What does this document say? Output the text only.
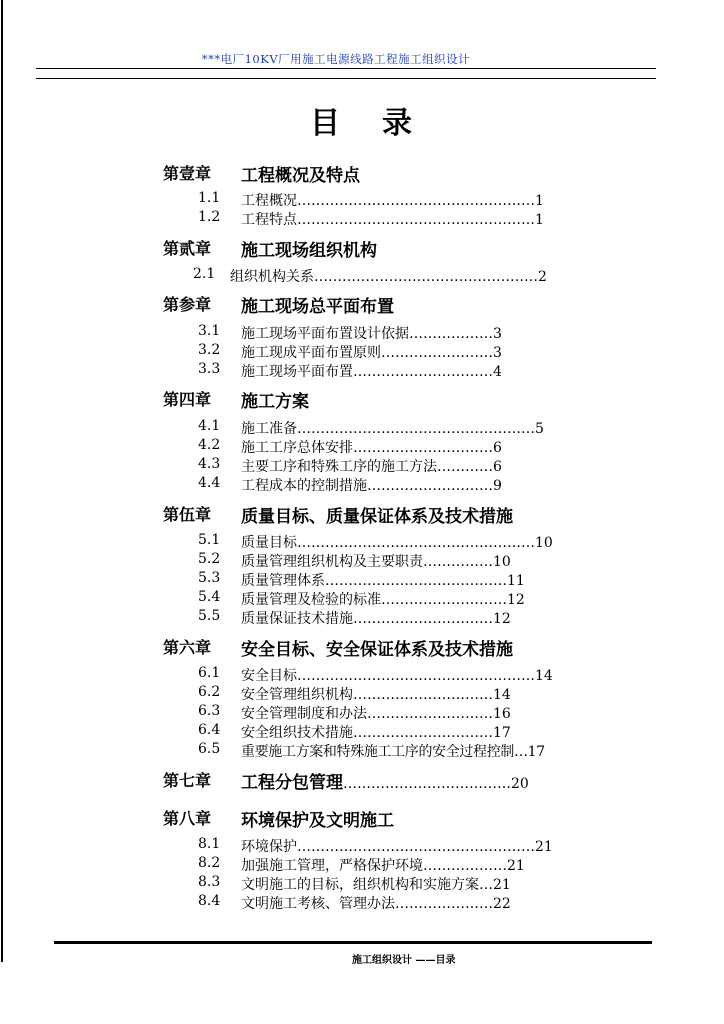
***电厂10KV厂用施工电源线路工程施工组织设计
目 录
第壹章 工程概况及特点
1.1 工程概况……………………………………………1
1.2 工程特点……………………………………………1
第贰章 施工现场组织机构
2.1 组织机构关系…………………………………………2
第参章 施工现场总平面布置
3.1 施工现场平面布置设计依据………………3
3.2 施工现成平面布置原则……………………3
3.3 施工现场平面布置…………………………4
第四章 施工方案
4.1 施工准备……………………………………………5
4.2 施工工序总体安排…………………………6
4.3 主要工序和特殊工序的施工方法…………6
4.4 工程成本的控制措施………………………9
第伍章 质量目标、质量保证体系及技术措施
5.1 质量目标……………………………………………10
5.2 质量管理组织机构及主要职责……………10
5.3 质量管理体系…………………………………11
5.4 质量管理及检验的标准………………………12
5.5 质量保证技术措施…………………………12
第六章 安全目标、安全保证体系及技术措施
6.1 安全目标……………………………………………14
6.2 安全管理组织机构…………………………14
6.3 安全管理制度和办法………………………16
6.4 安全组织技术措施…………………………17
6.5 重要施工方案和特殊施工工序的安全过程控制…17
第七章 工程分包管理………………………………20
第八章 环境保护及文明施工
8.1 环境保护……………………………………………21
8.2 加强施工管理，严格保护环境………………21
8.3 文明施工的目标，组织机构和实施方案…21
8.4 文明施工考核、管理办法…………………22
施工组织设计 ——目录
